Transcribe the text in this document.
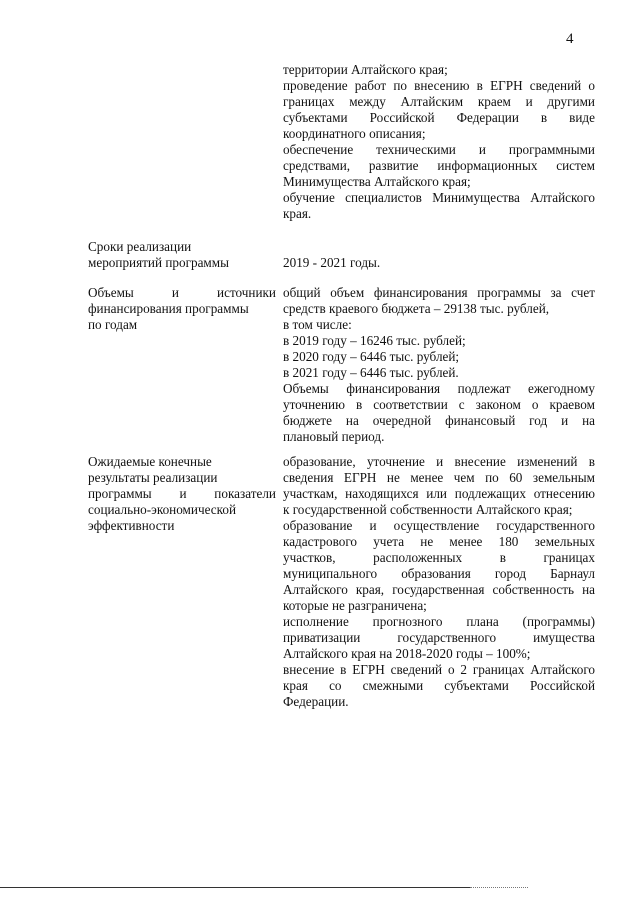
4
территории Алтайского края;
проведение работ по внесению в ЕГРН сведений о
границах между Алтайским краем и другими
субъектами Российской Федерации в виде
координатного описания;
обеспечение техническими и программными
средствами, развитие информационных систем
Минимущества Алтайского края;
обучение специалистов Минимущества Алтайского
края.
Сроки реализации
мероприятий программы	2019 - 2021 годы.
Объемы и источники
финансирования программы
по годам
общий объем финансирования программы за счет
средств краевого бюджета – 29138 тыс. рублей,
в том числе:
в 2019 году – 16246 тыс. рублей;
в 2020 году – 6446 тыс. рублей;
в 2021 году – 6446 тыс. рублей.
Объемы финансирования подлежат ежегодному
уточнению в соответствии с законом о краевом
бюджете на очередной финансовый год и на
плановый период.
Ожидаемые конечные
результаты реализации
программы и показатели
социально-экономической
эффективности
образование, уточнение и внесение изменений в
сведения ЕГРН не менее чем по 60 земельным
участкам, находящихся или подлежащих отнесению
к государственной собственности Алтайского края;
образование и осуществление государственного
кадастрового учета не менее 180 земельных
участков, расположенных в границах
муниципального образования город Барнаул
Алтайского края, государственная собственность на
которые не разграничена;
исполнение прогнозного плана (программы)
приватизации государственного имущества
Алтайского края на 2018-2020 годы – 100%;
внесение в ЕГРН сведений о 2 границах Алтайского
края со смежными субъектами Российской
Федерации.
